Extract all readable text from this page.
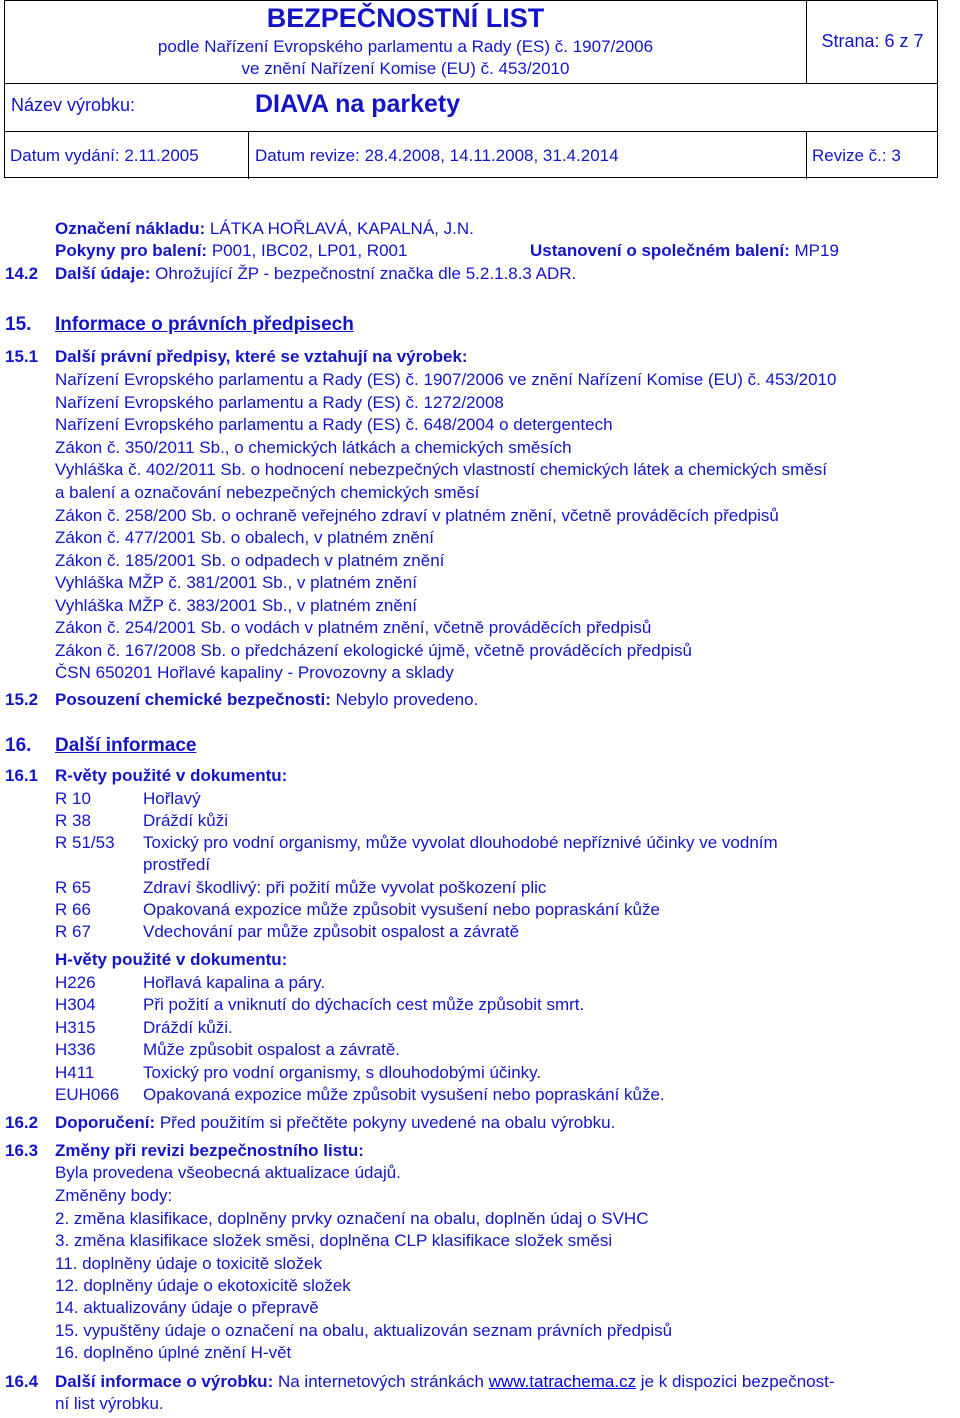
BEZPEČNOSTNÍ LIST
podle Nařízení Evropského parlamentu a Rady (ES) č. 1907/2006
ve znění Nařízení Komise (EU) č. 453/2010
Strana: 6 z 7
Název výrobku:	DIAVA na parkety
Datum vydání: 2.11.2005	Datum revize: 28.4.2008, 14.11.2008, 31.4.2014	Revize č.: 3
Označení nákladu: LÁTKA HOŘLAVÁ, KAPALNÁ, J.N.
Pokyny pro balení: P001, IBC02, LP01, R001	Ustanovení o společném balení: MP19
14.2 Další údaje: Ohrožující ŽP - bezpečnostní značka dle 5.2.1.8.3 ADR.
15. Informace o právních předpisech
15.1 Další právní předpisy, které se vztahují na výrobek:
Nařízení Evropského parlamentu a Rady (ES) č. 1907/2006 ve znění Nařízení Komise (EU) č. 453/2010
Nařízení Evropského parlamentu a Rady (ES) č. 1272/2008
Nařízení Evropského parlamentu a Rady (ES) č. 648/2004 o detergentech
Zákon č. 350/2011 Sb., o chemických látkách a chemických směsích
Vyhláška č. 402/2011 Sb. o hodnocení nebezpečných vlastností chemických látek a chemických směsí
a balení a označování nebezpečných chemických směsí
Zákon č. 258/200 Sb. o ochraně veřejného zdraví v platném znění, včetně prováděcích předpisů
Zákon č. 477/2001 Sb. o obalech, v platném znění
Zákon č. 185/2001 Sb. o odpadech v platném znění
Vyhláška MŽP č. 381/2001 Sb., v platném znění
Vyhláška MŽP č. 383/2001 Sb., v platném znění
Zákon č. 254/2001 Sb. o vodách v platném znění, včetně prováděcích předpisů
Zákon č. 167/2008 Sb. o předcházení ekologické újmě, včetně prováděcích předpisů
ČSN 650201 Hořlavé kapaliny - Provozovny a sklady
15.2 Posouzení chemické bezpečnosti: Nebylo provedeno.
16. Další informace
16.1 R-věty použité v dokumentu:
R 10	Hořlavý
R 38	Dráždí kůži
R 51/53 Toxický pro vodní organismy, může vyvolat dlouhodobé nepříznivé účinky ve vodním
prostředí
R 65	Zdraví škodlivý: při požití může vyvolat poškození plic
R 66	Opakovaná expozice může způsobit vysušení nebo popraskání kůže
R 67	Vdechování par může způsobit ospalost a závratě
H-věty použité v dokumentu:
H226	Hořlavá kapalina a páry.
H304	Při požití a vniknutí do dýchacích cest může způsobit smrt.
H315	Dráždí kůži.
H336	Může způsobit ospalost a závratě.
H411	Toxický pro vodní organismy, s dlouhodobými účinky.
EUH066 Opakovaná expozice může způsobit vysušení nebo popraskání kůže.
16.2 Doporučení: Před použitím si přečtěte pokyny uvedené na obalu výrobku.
16.3 Změny při revizi bezpečnostního listu:
Byla provedena všeobecná aktualizace údajů.
Změněny body:
2. změna klasifikace, doplněny prvky označení na obalu, doplněn údaj o SVHC
3. změna klasifikace složek směsi, doplněna CLP klasifikace složek směsi
11. doplněny údaje o toxicitě složek
12. doplněny údaje o ekotoxicitě složek
14. aktualizovány údaje o přepravě
15. vypuštěny údaje o označení na obalu, aktualizován seznam právních předpisů
16. doplněno úplné znění H-vět
16.4 Další informace o výrobku: Na internetových stránkách www.tatrachema.cz je k dispozici bezpečnost-
ní list výrobku.
